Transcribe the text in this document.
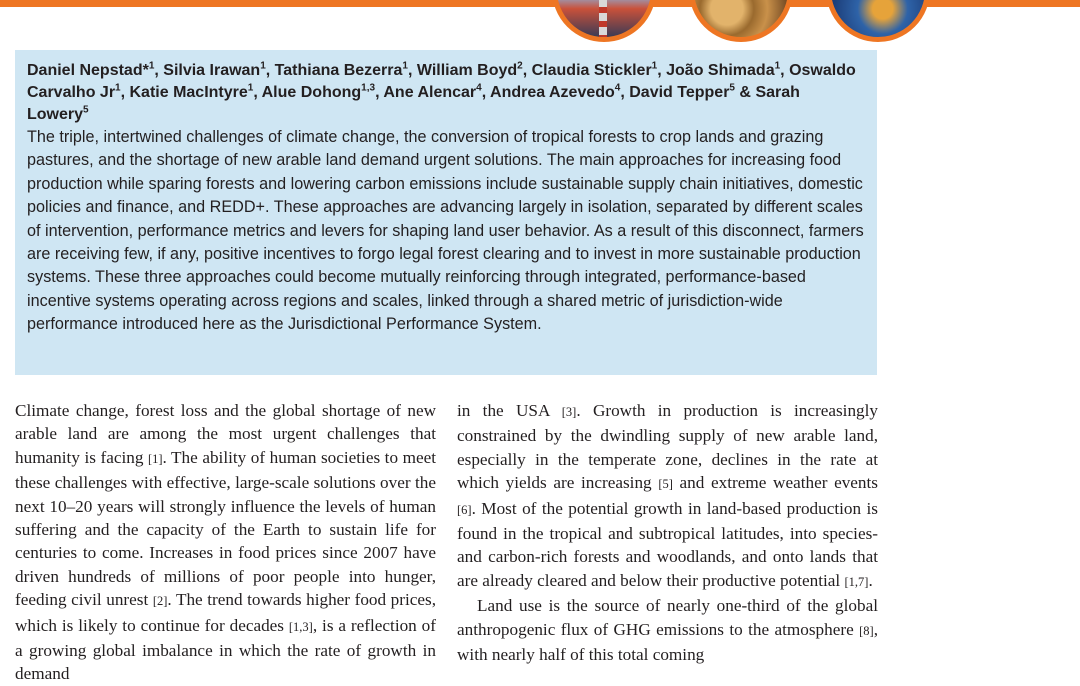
Daniel Nepstad*$^1$, Silvia Irawan$^1$, Tathiana Bezerra$^1$, William Boyd$^2$, Claudia Stickler$^1$, João Shimada$^1$, Oswaldo Carvalho Jr$^1$, Katie MacIntyre$^1$, Alue Dohong$^{1,3}$, Ane Alencar$^4$, Andrea Azevedo$^4$, David Tepper$^5$ & Sarah Lowery$^5$

The triple, intertwined challenges of climate change, the conversion of tropical forests to crop lands and grazing pastures, and the shortage of new arable land demand urgent solutions. The main approaches for increasing food production while sparing forests and lowering carbon emissions include sustainable supply chain initiatives, domestic policies and finance, and REDD+. These approaches are advancing largely in isolation, separated by different scales of intervention, performance metrics and levers for shaping land user behavior. As a result of this disconnect, farmers are receiving few, if any, positive incentives to forgo legal forest clearing and to invest in more sustainable production systems. These three approaches could become mutually reinforcing through integrated, performance-based incentive systems operating across regions and scales, linked through a shared metric of jurisdiction-wide performance introduced here as the Jurisdictional Performance System.

Climate change, forest loss and the global shortage of new arable land are among the most urgent challenges that humanity is facing [1]. The ability of human societies to meet these challenges with effective, large-scale solutions over the next 10–20 years will strongly influence the levels of human suffering and the capacity of the Earth to sustain life for centuries to come. Increases in food prices since 2007 have driven hundreds of millions of poor people into hunger, feeding civil unrest [2]. The trend towards higher food prices, which is likely to continue for decades [1,3], is a reflection of a growing global imbalance in which the rate of growth in demand

in the USA [3]. Growth in production is increasingly constrained by the dwindling supply of new arable land, especially in the temperate zone, declines in the rate at which yields are increasing [5] and extreme weather events [6]. Most of the potential growth in land-based production is found in the tropical and subtropical latitudes, into species- and carbon-rich forests and woodlands, and onto lands that are already cleared and below their productive potential [1,7].

Land use is the source of nearly one-third of the global anthropogenic flux of GHG emissions to the atmosphere [8], with nearly half of this total coming
